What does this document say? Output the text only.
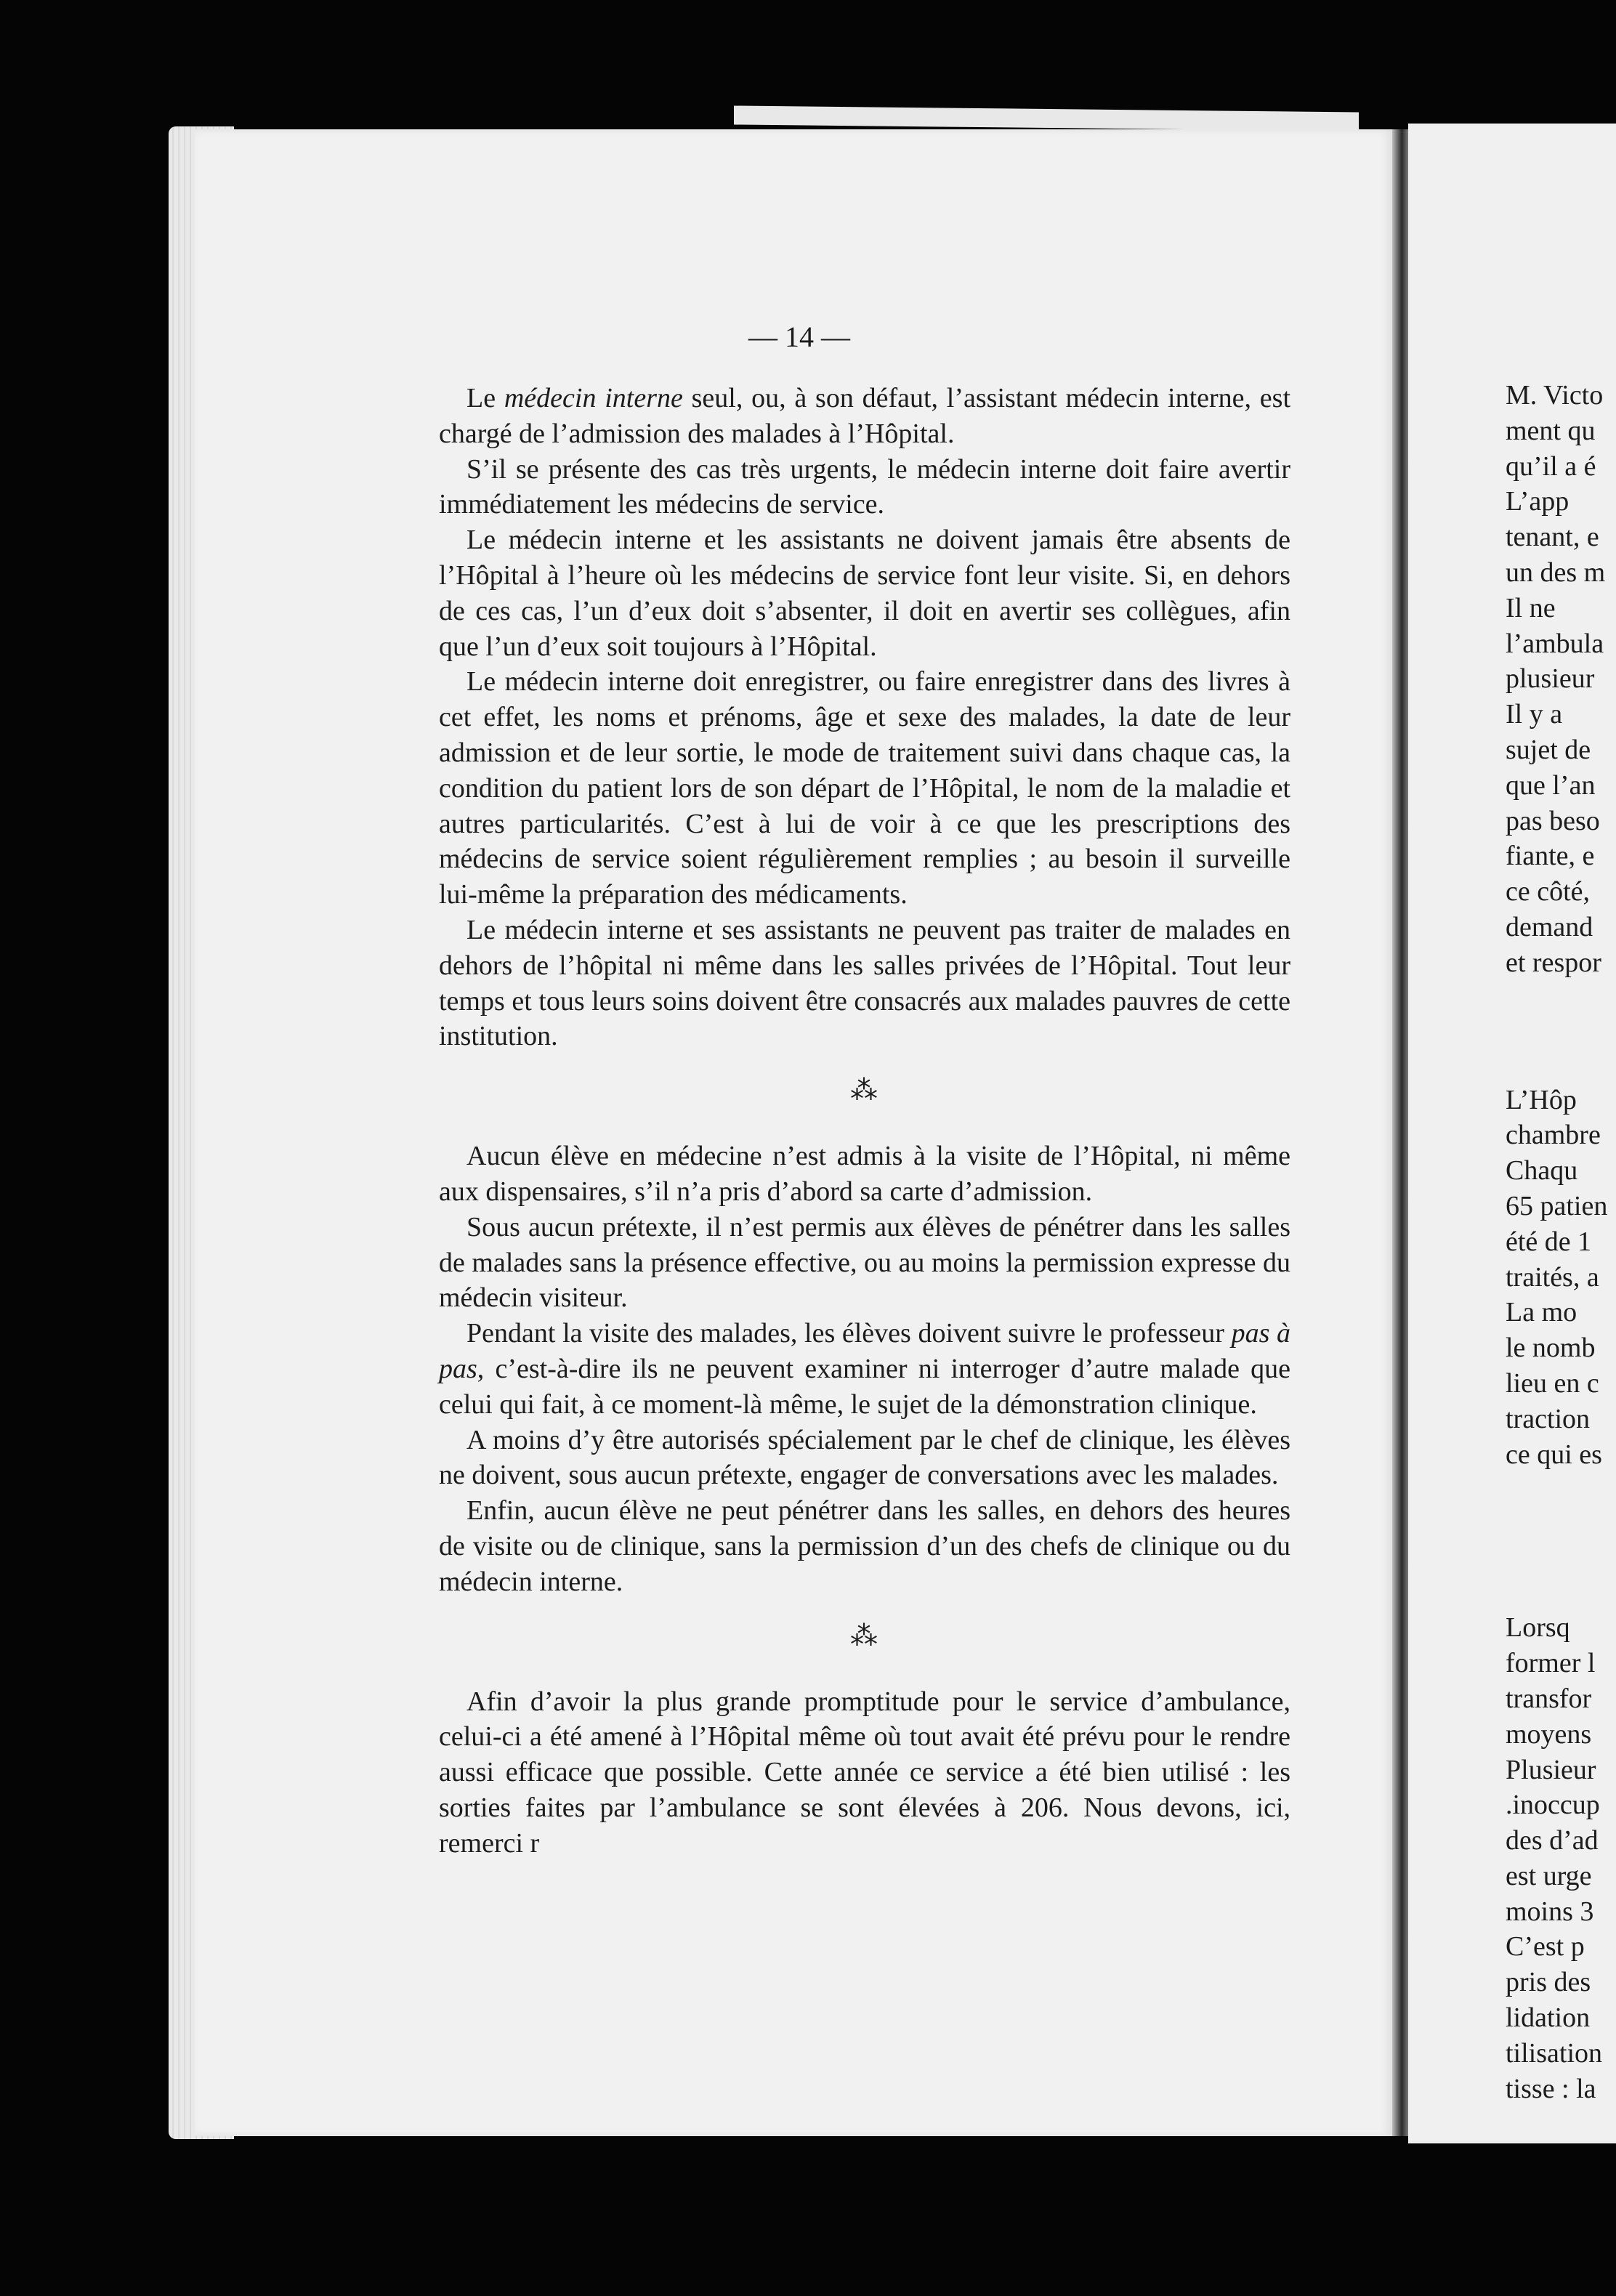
— 14 —

Le médecin interne seul, ou, à son défaut, l’assistant médecin interne, est chargé de l’admission des malades à l’Hôpital.

S’il se présente des cas très urgents, le médecin interne doit faire avertir immédiatement les médecins de service.

Le médecin interne et les assistants ne doivent jamais être absents de l’Hôpital à l’heure où les médecins de service font leur visite. Si, en dehors de ces cas, l’un d’eux doit s’absenter, il doit en avertir ses collègues, afin que l’un d’eux soit toujours à l’Hôpital.

Le médecin interne doit enregistrer, ou faire enregistrer dans des livres à cet effet, les noms et prénoms, âge et sexe des malades, la date de leur admission et de leur sortie, le mode de traitement suivi dans chaque cas, la condition du patient lors de son départ de l’Hôpital, le nom de la maladie et autres particularités. C’est à lui de voir à ce que les prescriptions des médecins de service soient régulièrement remplies ; au besoin il surveille lui-même la préparation des médicaments.

Le médecin interne et ses assistants ne peuvent pas traiter de malades en dehors de l’hôpital ni même dans les salles privées de l’Hôpital. Tout leur temps et tous leurs soins doivent être consacrés aux malades pauvres de cette institution.

⁂

Aucun élève en médecine n’est admis à la visite de l’Hôpital, ni même aux dispensaires, s’il n’a pris d’abord sa carte d’admission.

Sous aucun prétexte, il n’est permis aux élèves de pénétrer dans les salles de malades sans la présence effective, ou au moins la permission expresse du médecin visiteur.

Pendant la visite des malades, les élèves doivent suivre le professeur pas à pas, c’est-à-dire ils ne peuvent examiner ni interroger d’autre malade que celui qui fait, à ce moment-là même, le sujet de la démonstration clinique.

A moins d’y être autorisés spécialement par le chef de clinique, les élèves ne doivent, sous aucun prétexte, engager de conversations avec les malades.

Enfin, aucun élève ne peut pénétrer dans les salles, en dehors des heures de visite ou de clinique, sans la permission d’un des chefs de clinique ou du médecin interne.

⁂

Afin d’avoir la plus grande promptitude pour le service d’ambulance, celui-ci a été amené à l’Hôpital même où tout avait été prévu pour le rendre aussi efficace que possible. Cette année ce service a été bien utilisé : les sorties faites par l’ambulance se sont élevées à 206. Nous devons, ici, remerci r

M. Victo
ment qu
qu’il a é
L’app
tenant, e
un des m
Il ne
l’ambula
plusieur
Il y a
sujet de
que l’an
pas beso
fiante, e
ce côté,
demand
et respor
L’Hôp
chambre
Chaqu
65 patien
été de 1
traités, a
La mo
le nomb
lieu en c
traction
ce qui es
Lorsq
former l
transfor
moyens
Plusieur
.inoccup
des d’ad
est urge
moins 3
C’est p
pris des
lidation
tilisation
tisse : la
